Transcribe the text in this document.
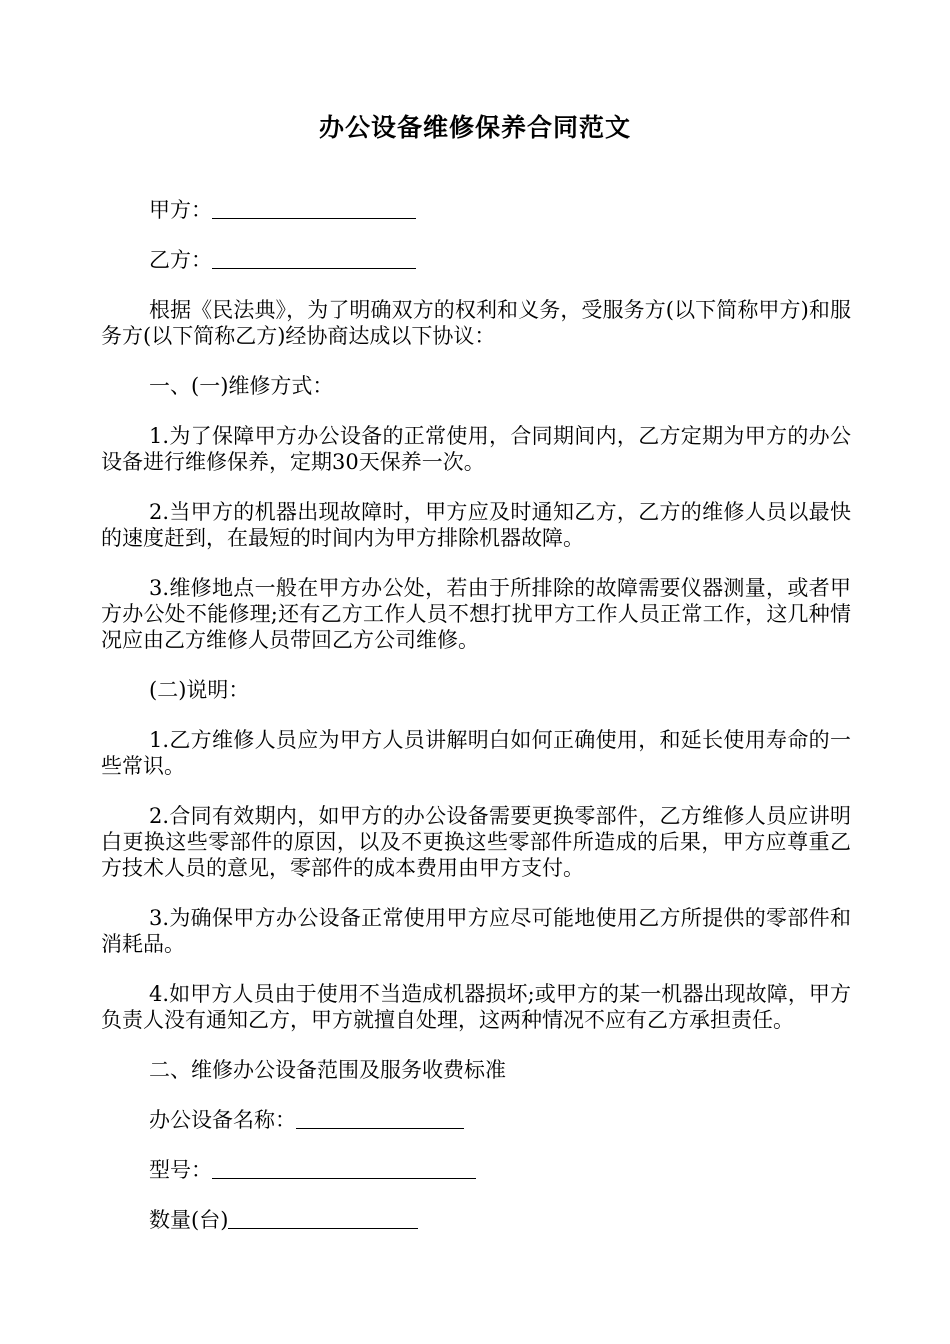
办公设备维修保养合同范文

甲方：

乙方：

根据《民法典》，为了明确双方的权利和义务，受服务方(以下简称甲方)和服务方(以下简称乙方)经协商达成以下协议：

一、(一)维修方式：

1.为了保障甲方办公设备的正常使用，合同期间内，乙方定期为甲方的办公设备进行维修保养，定期30天保养一次。

2.当甲方的机器出现故障时，甲方应及时通知乙方，乙方的维修人员以最快的速度赶到，在最短的时间内为甲方排除机器故障。

3.维修地点一般在甲方办公处，若由于所排除的故障需要仪器测量，或者甲方办公处不能修理;还有乙方工作人员不想打扰甲方工作人员正常工作，这几种情况应由乙方维修人员带回乙方公司维修。

(二)说明：

1.乙方维修人员应为甲方人员讲解明白如何正确使用，和延长使用寿命的一些常识。

2.合同有效期内，如甲方的办公设备需要更换零部件，乙方维修人员应讲明白更换这些零部件的原因，以及不更换这些零部件所造成的后果，甲方应尊重乙方技术人员的意见，零部件的成本费用由甲方支付。

3.为确保甲方办公设备正常使用甲方应尽可能地使用乙方所提供的零部件和消耗品。

4.如甲方人员由于使用不当造成机器损坏;或甲方的某一机器出现故障，甲方负责人没有通知乙方，甲方就擅自处理，这两种情况不应有乙方承担责任。

二、维修办公设备范围及服务收费标准

办公设备名称：

型号：

数量(台)
